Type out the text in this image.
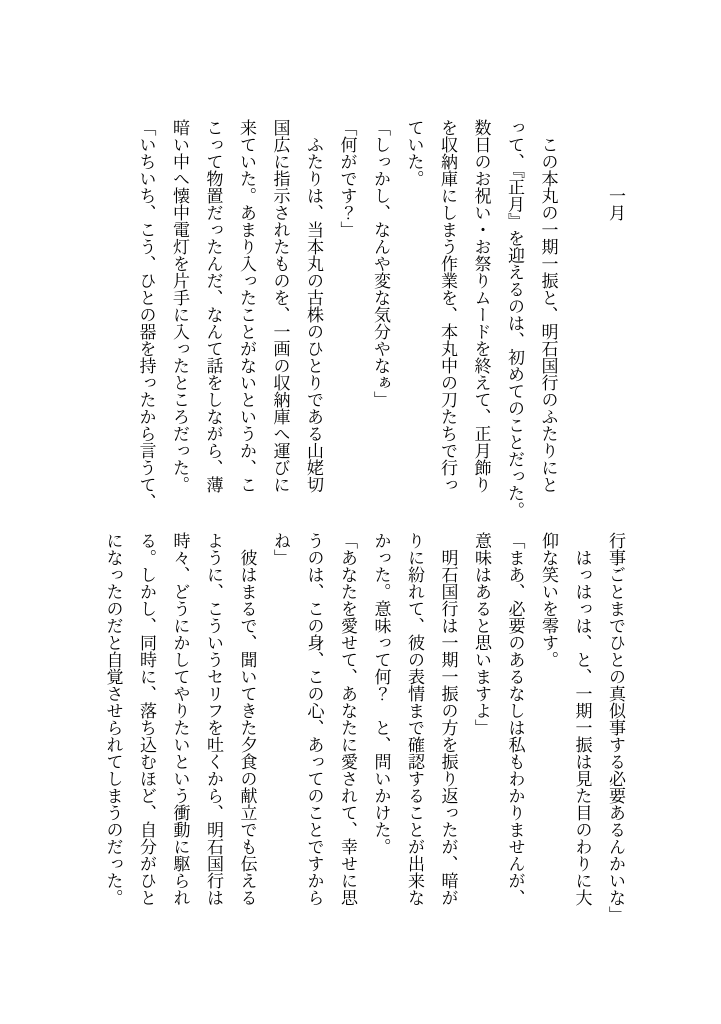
一月

　この本丸の一期一振と、明石国行のふたりにと

って、『正月』を迎えるのは、初めてのことだった。

数日のお祝い・お祭りムードを終えて、正月飾り

を収納庫にしまう作業を、本丸中の刀たちで行っ

ていた。

「しっかし、なんや変な気分やなぁ」

「何がです？」

　ふたりは、当本丸の古株のひとりである山姥切

国広に指示されたものを、一画の収納庫へ運びに

来ていた。あまり入ったことがないというか、こ

こって物置だったんだ、なんて話をしながら、薄

暗い中へ懐中電灯を片手に入ったところだった。

「いちいち、こう、ひとの器を持ったから言うて、

行事ごとまでひとの真似事する必要あるんかいな」

　はっはっは、と、一期一振は見た目のわりに大

仰な笑いを零す。

「まあ、必要のあるなしは私もわかりませんが、

意味はあると思いますよ」

　明石国行は一期一振の方を振り返ったが、暗が

りに紛れて、彼の表情まで確認することが出来な

かった。意味って何？　と、問いかけた。

「あなたを愛せて、あなたに愛されて、幸せに思

うのは、この身、この心、あってのことですから

ね」

　彼はまるで、聞いてきた夕食の献立でも伝える

ように、こういうセリフを吐くから、明石国行は

時々、どうにかしてやりたいという衝動に駆られ

る。しかし、同時に、落ち込むほど、自分がひと

になったのだと自覚させられてしまうのだった。
